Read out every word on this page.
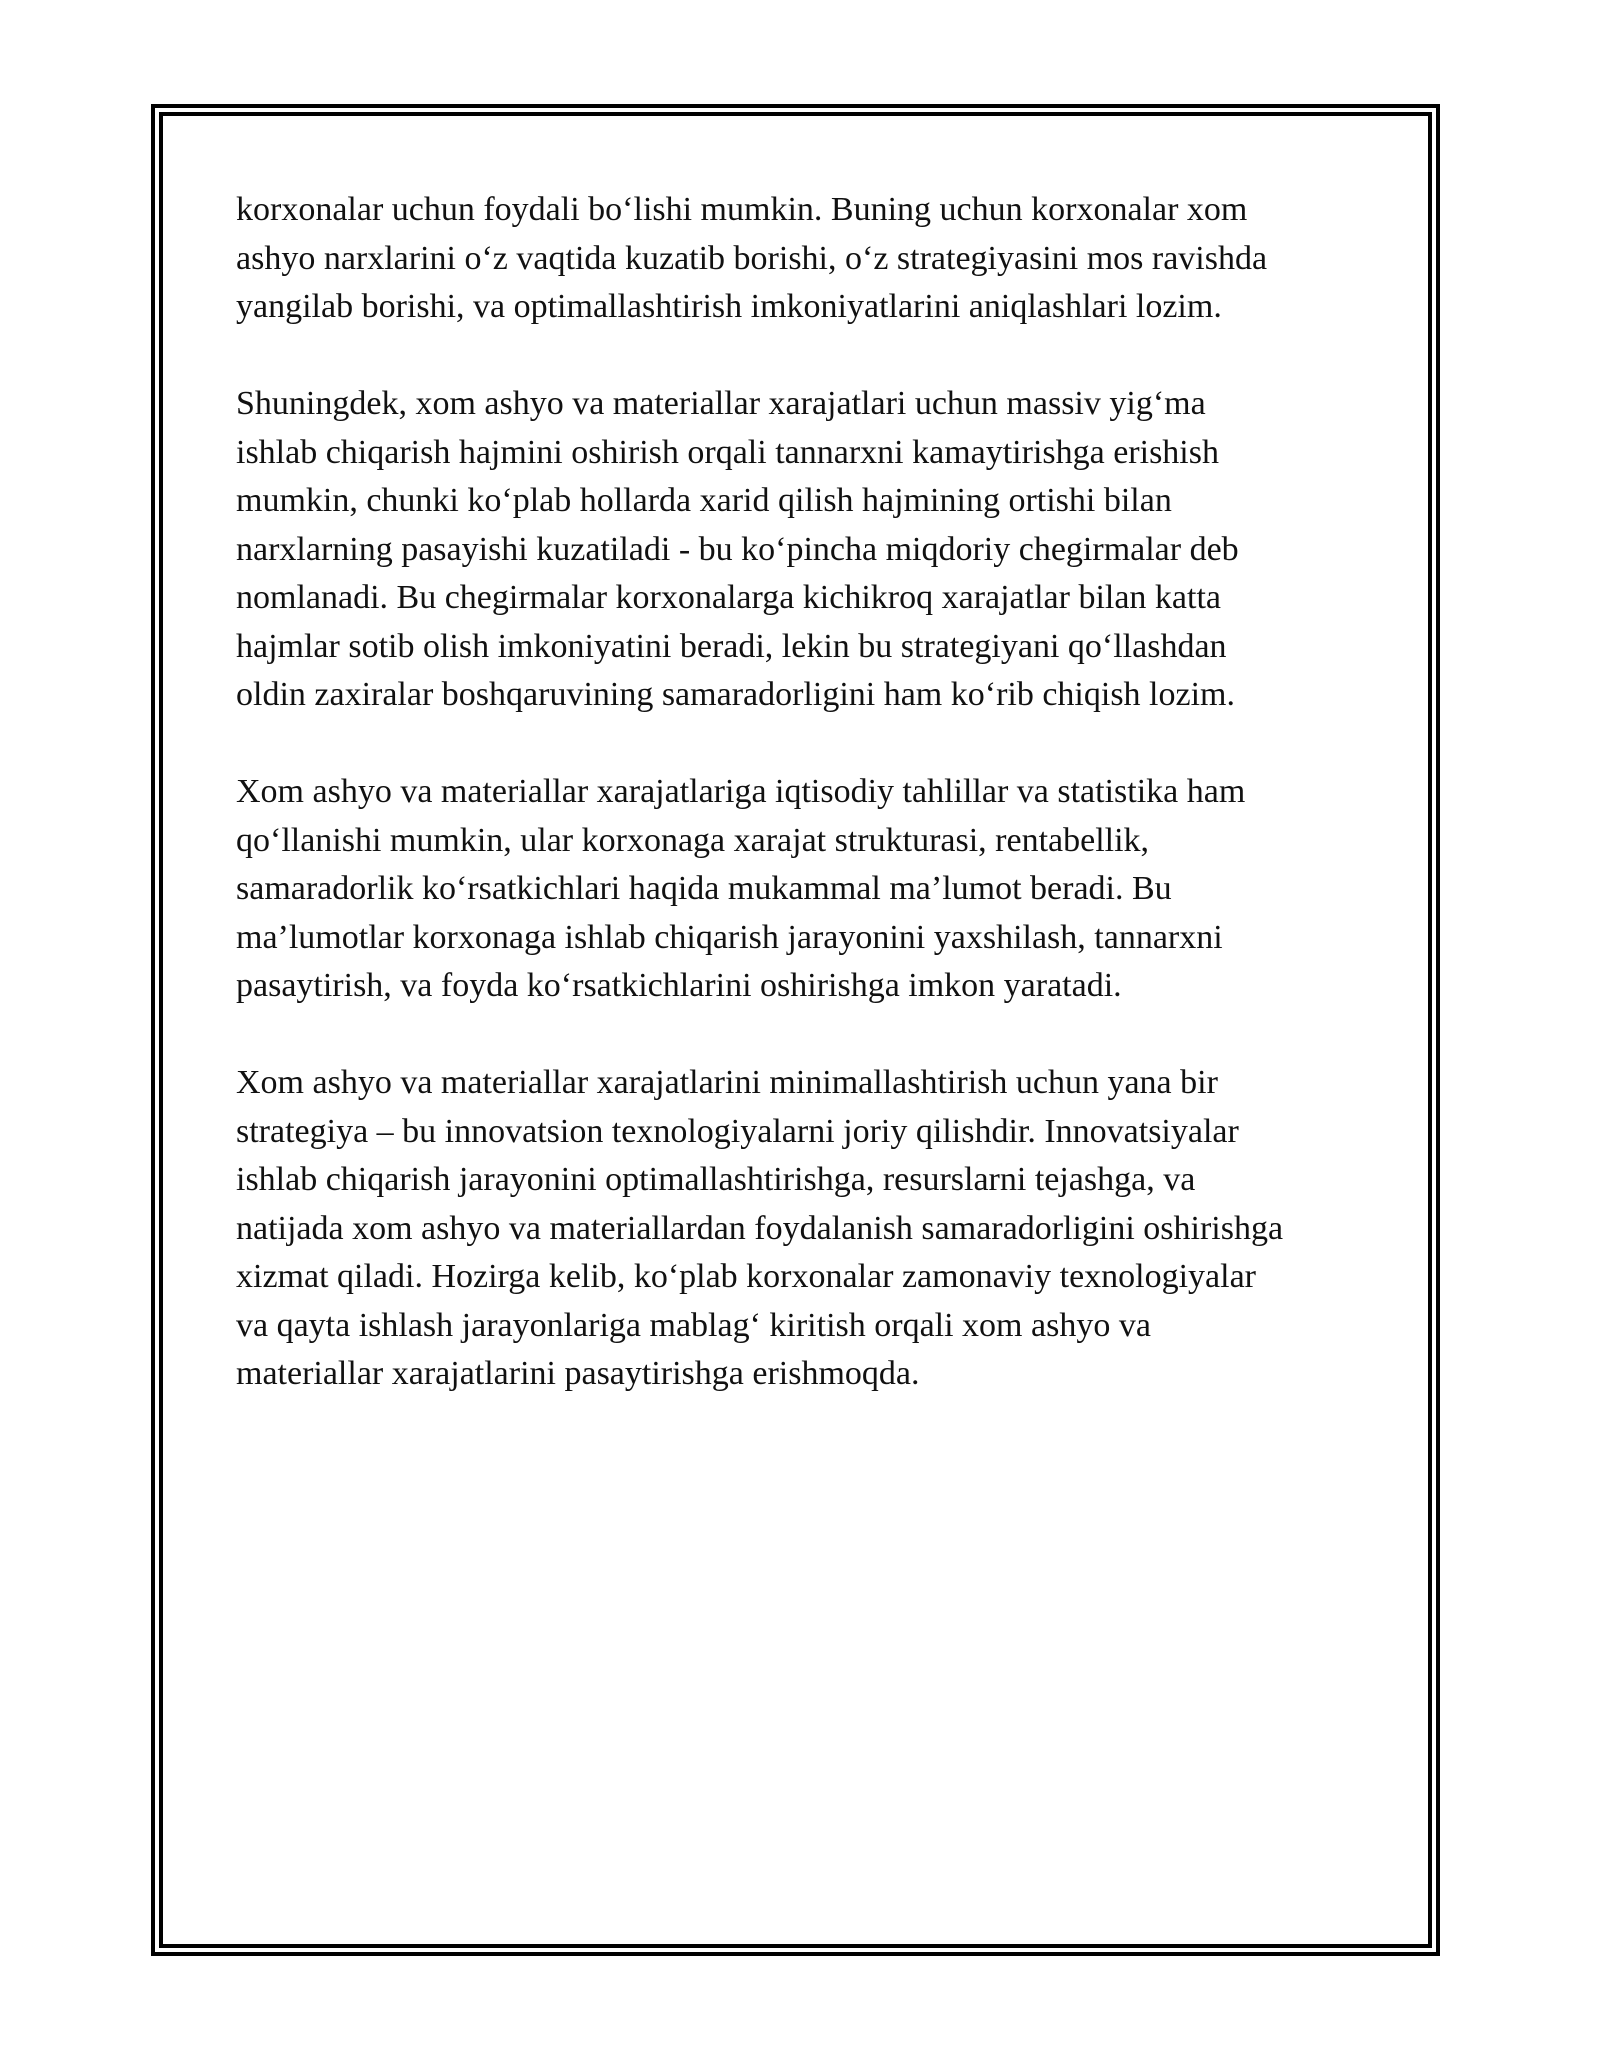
korxonalar uchun foydali bo‘lishi mumkin. Buning uchun korxonalar xom
ashyo narxlarini o‘z vaqtida kuzatib borishi, o‘z strategiyasini mos ravishda
yangilab borishi, va optimallashtirish imkoniyatlarini aniqlashlari lozim.

Shuningdek, xom ashyo va materiallar xarajatlari uchun massiv yig‘ma
ishlab chiqarish hajmini oshirish orqali tannarxni kamaytirishga erishish
mumkin, chunki ko‘plab hollarda xarid qilish hajmining ortishi bilan
narxlarning pasayishi kuzatiladi - bu ko‘pincha miqdoriy chegirmalar deb
nomlanadi. Bu chegirmalar korxonalarga kichikroq xarajatlar bilan katta
hajmlar sotib olish imkoniyatini beradi, lekin bu strategiyani qo‘llashdan
oldin zaxiralar boshqaruvining samaradorligini ham ko‘rib chiqish lozim.

Xom ashyo va materiallar xarajatlariga iqtisodiy tahlillar va statistika ham
qo‘llanishi mumkin, ular korxonaga xarajat strukturasi, rentabellik,
samaradorlik ko‘rsatkichlari haqida mukammal ma’lumot beradi. Bu
ma’lumotlar korxonaga ishlab chiqarish jarayonini yaxshilash, tannarxni
pasaytirish, va foyda ko‘rsatkichlarini oshirishga imkon yaratadi.

Xom ashyo va materiallar xarajatlarini minimallashtirish uchun yana bir
strategiya – bu innovatsion texnologiyalarni joriy qilishdir. Innovatsiyalar
ishlab chiqarish jarayonini optimallashtirishga, resurslarni tejashga, va
natijada xom ashyo va materiallardan foydalanish samaradorligini oshirishga
xizmat qiladi. Hozirga kelib, ko‘plab korxonalar zamonaviy texnologiyalar
va qayta ishlash jarayonlariga mablag‘ kiritish orqali xom ashyo va
materiallar xarajatlarini pasaytirishga erishmoqda.
